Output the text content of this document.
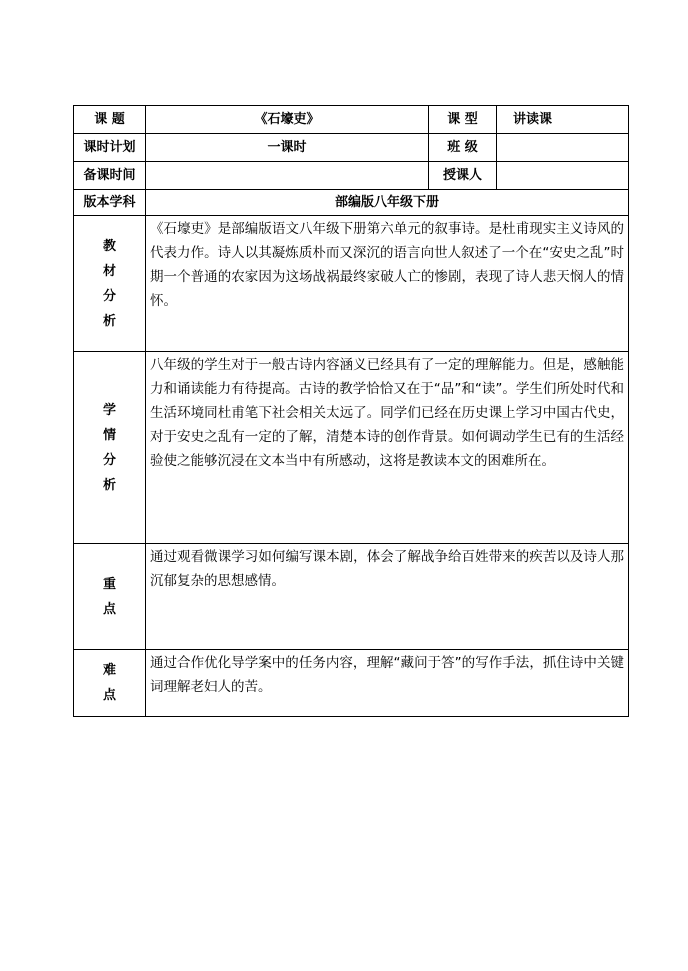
课 题	《石壕吏》	课 型	讲读课
课时计划	一课时	班 级	
备课时间		授课人	
版本学科	部编版八年级下册		

教
材
分
析	《石壕吏》是部编版语文八年级下册第六单元的叙事诗。是杜甫现实主义诗风的代表力作。诗人以其凝炼质朴而又深沉的语言向世人叙述了一个在“安史之乱”时期一个普通的农家因为这场战祸最终家破人亡的惨剧，表现了诗人悲天悯人的情怀。		

学
情
分
析	八年级的学生对于一般古诗内容涵义已经具有了一定的理解能力。但是，感触能力和诵读能力有待提高。古诗的教学恰恰又在于“品”和“读”。学生们所处时代和生活环境同杜甫笔下社会相关太远了。同学们已经在历史课上学习中国古代史，对于安史之乱有一定的了解，清楚本诗的创作背景。如何调动学生已有的生活经验使之能够沉浸在文本当中有所感动，这将是教读本文的困难所在。		

重
点	通过观看微课学习如何编写课本剧，体会了解战争给百姓带来的疾苦以及诗人那沉郁复杂的思想感情。		

难
点	通过合作优化导学案中的任务内容，理解“藏问于答”的写作手法，抓住诗中关键词理解老妇人的苦。		
